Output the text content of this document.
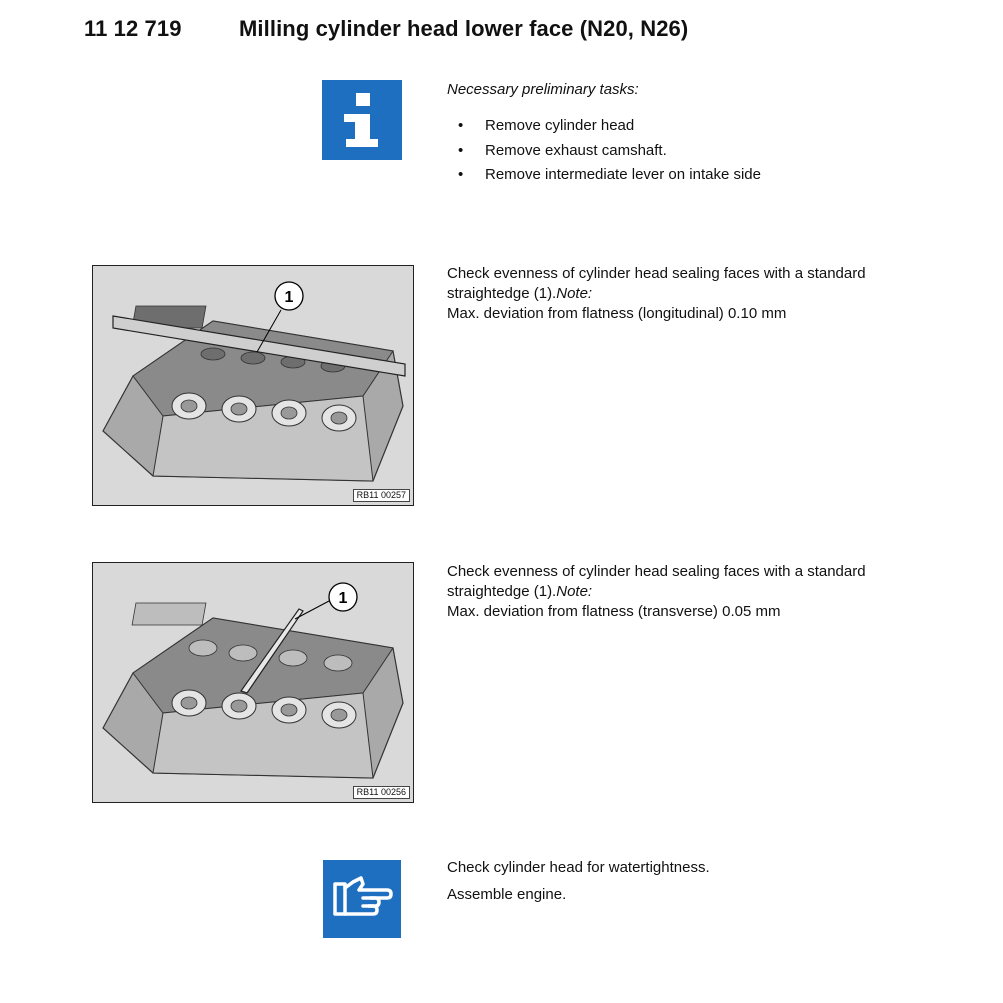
11 12 719	Milling cylinder head lower face (N20, N26)
Necessary preliminary tasks:
• Remove cylinder head
• Remove exhaust camshaft.
• Remove intermediate lever on intake side
1
RB11 00257
Check evenness of cylinder head sealing faces with a standard
straightedge (1).Note:
Max. deviation from flatness (longitudinal) 0.10 mm
1
RB11 00256
Check evenness of cylinder head sealing faces with a standard
straightedge (1).Note:
Max. deviation from flatness (transverse) 0.05 mm
Check cylinder head for watertightness.
Assemble engine.
